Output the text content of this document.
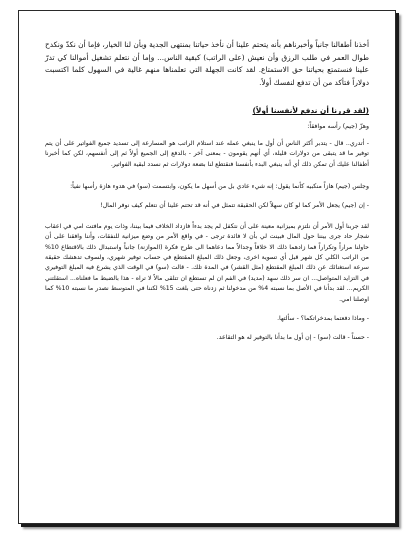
أخذنا أطفالنا جانباً وأخبرناهم بأنه يتحتم علينا أن نأخذ حياتنا بمنتهى الجدية وبأن لنا الخيار، فإما أن نكدّ ونكدح طوال العمر في طلب الرزق وأن نعيش (على الراتب) كبقية الناس... وإما أن نتعلم تشغيل أموالنا كي تدرّ علينا فنستمتع بحياتنا حق الاستمتاع. لقد كانت الجهلة التي تعلمناها منهم غالية في السهول كلما اكتسبت دولاراً فتأكد من أن تدفع لنفسك أولاً.

(لقد قررنا أن ندفع لأنفسنا أولاً)

وهزّ (جيم) رأسه موافقاً:

- أتدري.. قال - يتدبر أكثر الناس أن أول ما ينبغي عمله عند استلام الراتب هو المسارعة إلى تسديد جميع الفواتير على أن يتم توفير ما قد يتبقى من دولارات قليلة، أي أنهم يقومون - بمعنى آخر - بالدفع إلى الجميع أولاً ثم إلى أنفسهم، لكن كما أخبرنا أطفالنا عليك أن تمكن ذلك أي أنه ينبغي البدء بأنفسنا فنقتطع لنا بضعة دولارات ثم نسدد لبقية الفواتير.

وجلس (جيم) هازاً منكبيه كأنما يقول: إنه شيء عادي بل من أسهل ما يكون، وابتسمت (سو) في هدوء هازة رأسها نفياً:

- إن (جيم) يجعل الأمر كما لو كان سهلاً لكن الحقيقة تتمثل في أنه قد تحتم علينا أن نتعلم كيف نوفر المال!

لقد جربنا أول الأمر أن نلتزم بميزانية معينة على أن نتكفل لم يجد بدءاً فازداد الخلاف فيما بيننا، وذات يوم مافتت امي في اعقاب شجار حاد جرى بيننا حول المال فبينت لي بأن لا فائدة ترجى - في واقع الأمر من وضع ميزانية للنفقات، وأننا وافقنا على أن حاولنا مراراً وتكراراً فما زادهما ذلك الا خلافاً وجدالاً مما دعاهما الى طرح فكرة (الموازنة) جانباً واستبدال ذلك بالاقتطاع 10% من الراتب الكلي كل شهر قبل أي تسوية اخرى، وجعل ذلك المبلغ المقتطع في حساب توفير شهري، ولسوف تدهشك حقيقة سرعة استغنائك عن ذلك المبلغ المقتطع (مثل القشر) في المدة تلك. - قالت (سو) في الوقت الذي يشرع فيه المبلغ التوفيري في التزايد المتواصل... ان سر ذلك سهد (مديد) في الفم ان لم تستطع ان تتلقى مالاً لا تراه - هذا بالضبط ما فعلناه... استقلتني الكريم... لقد بدأنا في الأصل بما نسبته 4% من مدخولنا ثم زدناه حتى بلغت 15% لكننا في المتوسط نصدر ما نسبته 10% كما اوصلنا امي.

- وماذا دفعتما بمدخراتكما؟ - سألتها.

- حسناً - قالت (سو) - إن أول ما بدأنا بالتوفير له هو التقاعد.
